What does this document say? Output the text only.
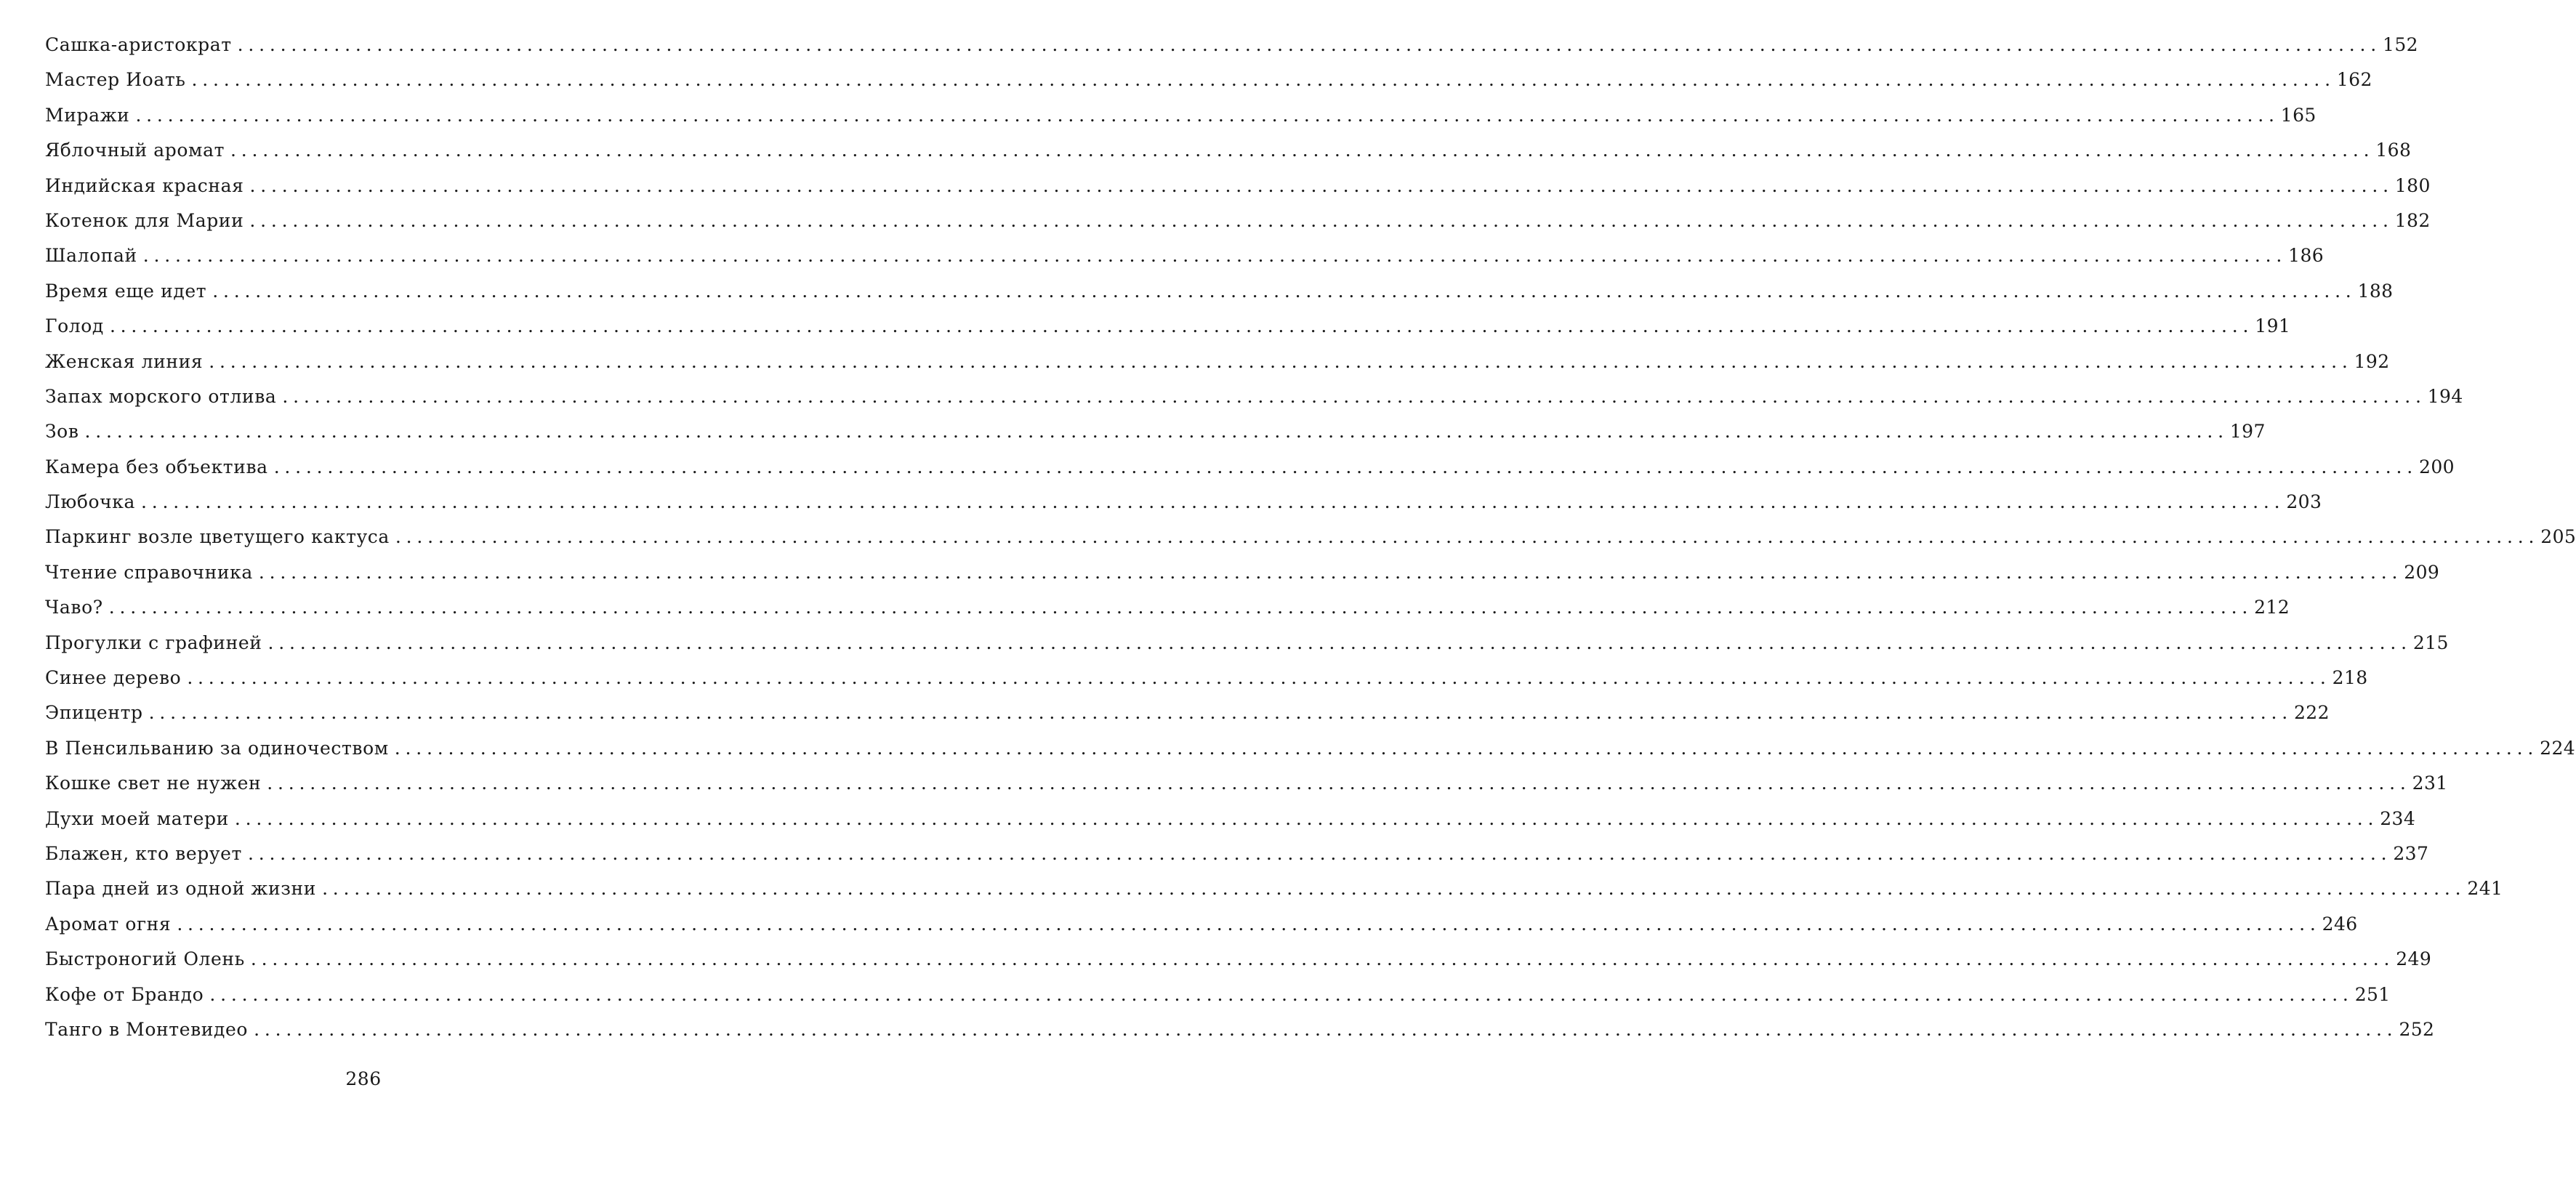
Сашка-аристократ ........................................................................................................................................................................................................ 152
Мастер Иоать ........................................................................................................................................................................................................ 162
Миражи ........................................................................................................................................................................................................ 165
Яблочный аромат ........................................................................................................................................................................................................ 168
Индийская красная ........................................................................................................................................................................................................ 180
Котенок для Марии ........................................................................................................................................................................................................ 182
Шалопай ........................................................................................................................................................................................................ 186
Время еще идет ........................................................................................................................................................................................................ 188
Голод ........................................................................................................................................................................................................ 191
Женская линия ........................................................................................................................................................................................................ 192
Запах морского отлива ........................................................................................................................................................................................................ 194
Зов ........................................................................................................................................................................................................ 197
Камера без объектива ........................................................................................................................................................................................................ 200
Любочка ........................................................................................................................................................................................................ 203
Паркинг возле цветущего кактуса ........................................................................................................................................................................................................ 205
Чтение справочника ........................................................................................................................................................................................................ 209
Чаво? ........................................................................................................................................................................................................ 212
Прогулки с графиней ........................................................................................................................................................................................................ 215
Синее дерево ........................................................................................................................................................................................................ 218
Эпицентр ........................................................................................................................................................................................................ 222
В Пенсильванию за одиночеством ........................................................................................................................................................................................................ 224
Кошке свет не нужен ........................................................................................................................................................................................................ 231
Духи моей матери ........................................................................................................................................................................................................ 234
Блажен, кто верует ........................................................................................................................................................................................................ 237
Пара дней из одной жизни ........................................................................................................................................................................................................ 241
Аромат огня ........................................................................................................................................................................................................ 246
Быстроногий Олень ........................................................................................................................................................................................................ 249
Кофе от Брандо ........................................................................................................................................................................................................ 251
Танго в Монтевидео ........................................................................................................................................................................................................ 252
286
